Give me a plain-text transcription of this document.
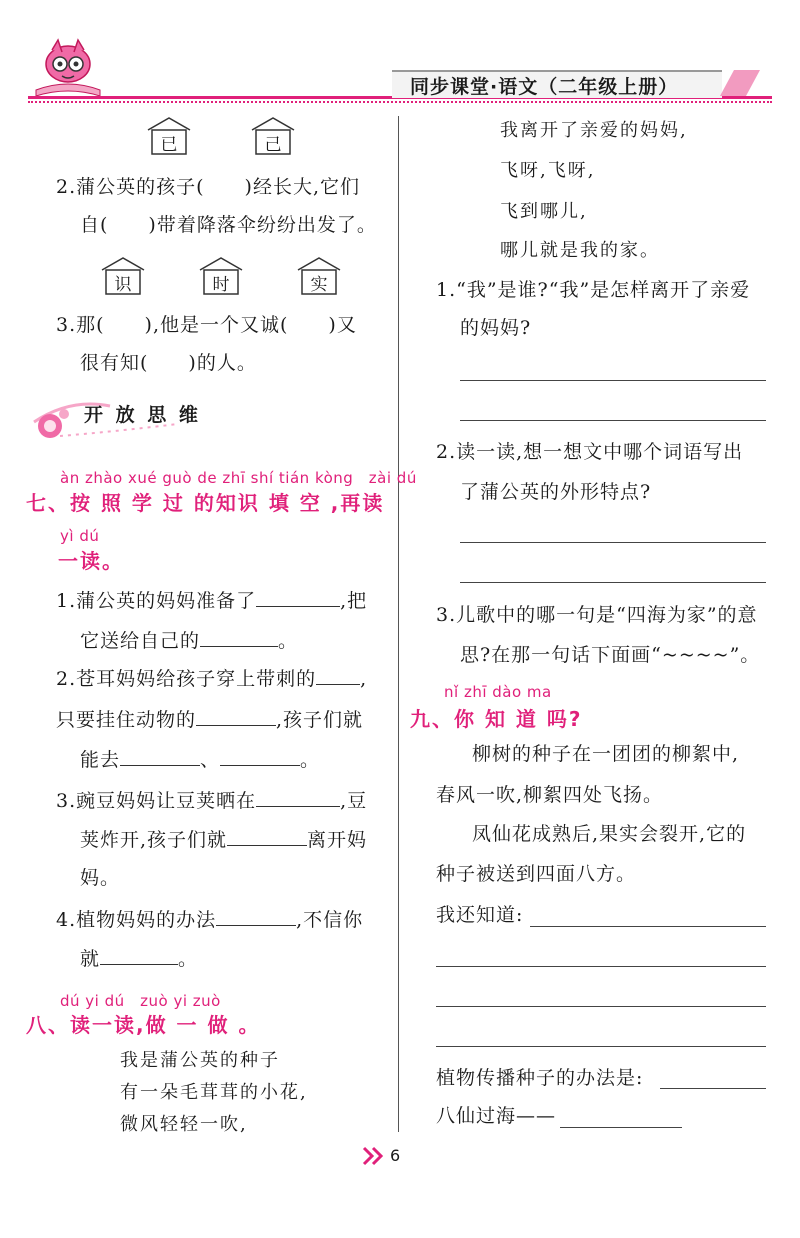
同步课堂·语文（二年级上册）
已	己
2.蒲公英的孩子(　　)经长大,它们
自(　　)带着降落伞纷纷出发了。
识	时	实
3.那(　　),他是一个又诚(　　)又
很有知(　　)的人。
开 放 思 维
àn zhào xué guò de zhī shí tián kòng　zài dú
七、按 照 学 过 的知识 填 空 ,再读
yì dú
一读。
1.蒲公英的妈妈准备了	,把
它送给自己的	。
2.苍耳妈妈给孩子穿上带刺的 ,
只要挂住动物的	,孩子们就
能去	、	。
3.豌豆妈妈让豆荚晒在	,豆
荚炸开,孩子们就	离开妈
妈。
4.植物妈妈的办法	,不信你
就	。
dú yi dú　zuò yi zuò
八、读一读,做 一 做 。
我是蒲公英的种子
有一朵毛茸茸的小花,
微风轻轻一吹,
我离开了亲爱的妈妈,
飞呀,飞呀,
飞到哪儿,
哪儿就是我的家。
1.“我”是谁?“我”是怎样离开了亲爱
的妈妈?
2.读一读,想一想文中哪个词语写出
了蒲公英的外形特点?
3.儿歌中的哪一句是“四海为家”的意
思?在那一句话下面画“~~~~”。
nǐ zhī dào ma
九、你 知 道 吗?
柳树的种子在一团团的柳絮中,
春风一吹,柳絮四处飞扬。
凤仙花成熟后,果实会裂开,它的
种子被送到四面八方。
我还知道:
植物传播种子的办法是:
八仙过海——
6
